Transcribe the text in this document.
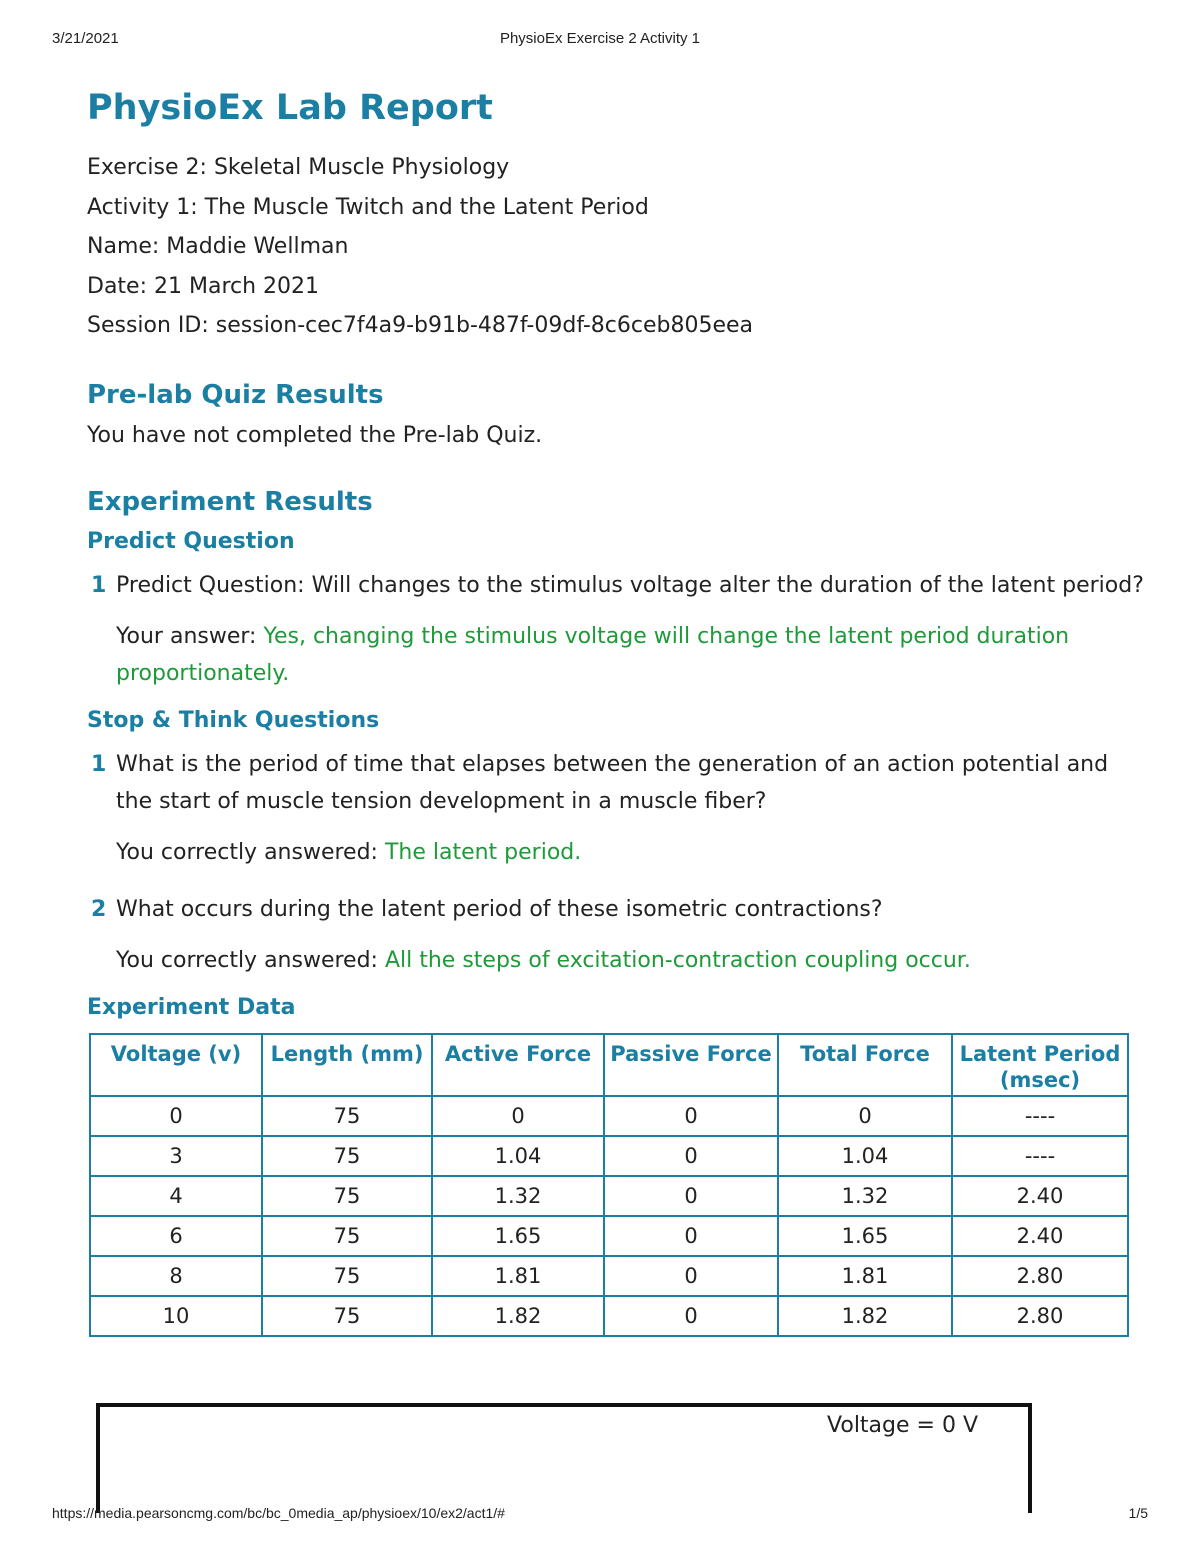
3/21/2021	PhysioEx Exercise 2 Activity 1
PhysioEx Lab Report
Exercise 2: Skeletal Muscle Physiology
Activity 1: The Muscle Twitch and the Latent Period
Name: Maddie Wellman
Date: 21 March 2021
Session ID: session-cec7f4a9-b91b-487f-09df-8c6ceb805eea
Pre-lab Quiz Results
You have not completed the Pre-lab Quiz.
Experiment Results
Predict Question
1 Predict Question: Will changes to the stimulus voltage alter the duration of the latent period?
Your answer: Yes, changing the stimulus voltage will change the latent period duration proportionately.
Stop & Think Questions
1 What is the period of time that elapses between the generation of an action potential and the start of muscle tension development in a muscle fiber?
You correctly answered: The latent period.
2 What occurs during the latent period of these isometric contractions?
You correctly answered: All the steps of excitation-contraction coupling occur.
Experiment Data
Voltage (v)	Length (mm)	Active Force	Passive Force	Total Force	Latent Period (msec)
0	75	0	0	0	----
3	75	1.04	0	1.04	----
4	75	1.32	0	1.32	2.40
6	75	1.65	0	1.65	2.40
8	75	1.81	0	1.81	2.80
10	75	1.82	0	1.82	2.80
Voltage = 0 V
https://media.pearsoncmg.com/bc/bc_0media_ap/physioex/10/ex2/act1/#	1/5
